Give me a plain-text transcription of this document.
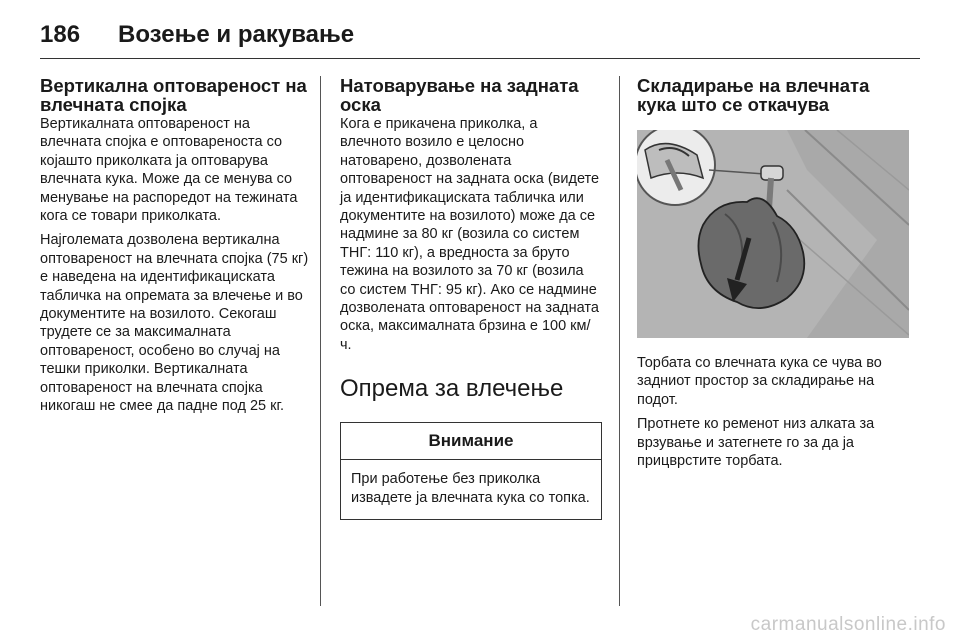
186 Возење и ракување
Вертикална оптовареност на влечната спојка

Вертикалната оптовареност на влечната спојка е оптовареноста со којашто приколката ја оптоварува влечната кука. Може да се менува со менување на распоредот на тежината кога се товари приколката.

Најголемата дозволена вертикална оптовареност на влечната спојка (75 кг) е наведена на идентификациската табличка на опремата за влечење и во документите на возилото. Секогаш трудете се за максималната оптовареност, особено во случај на тешки приколки. Вертикалната оптовареност на влечната спојка никогаш не смее да падне под 25 кг.

Натоварување на задната оска

Кога е прикачена приколка, а влечното возило е целосно натоварено, дозволената оптовареност на задната оска (видете ја идентификациската табличка или документите на возилото) може да се надмине за 80 кг (возила со систем ТНГ: 110 кг), а вредноста за бруто тежина на возилото за 70 кг (возила со систем ТНГ: 95 кг). Ако се надмине дозволената оптовареност на задната оска, максималната брзина е 100 км/ч.

Опрема за влечење
Внимание
При работење без приколка извадете ја влечната кука со топка.
Складирање на влечната кука што се откачува

Торбата со влечната кука се чува во задниот простор за складирање на подот.

Протнете ко ременот низ алката за врзување и затегнете го за да ја прицврстите торбата.

carmanualsonline.info
